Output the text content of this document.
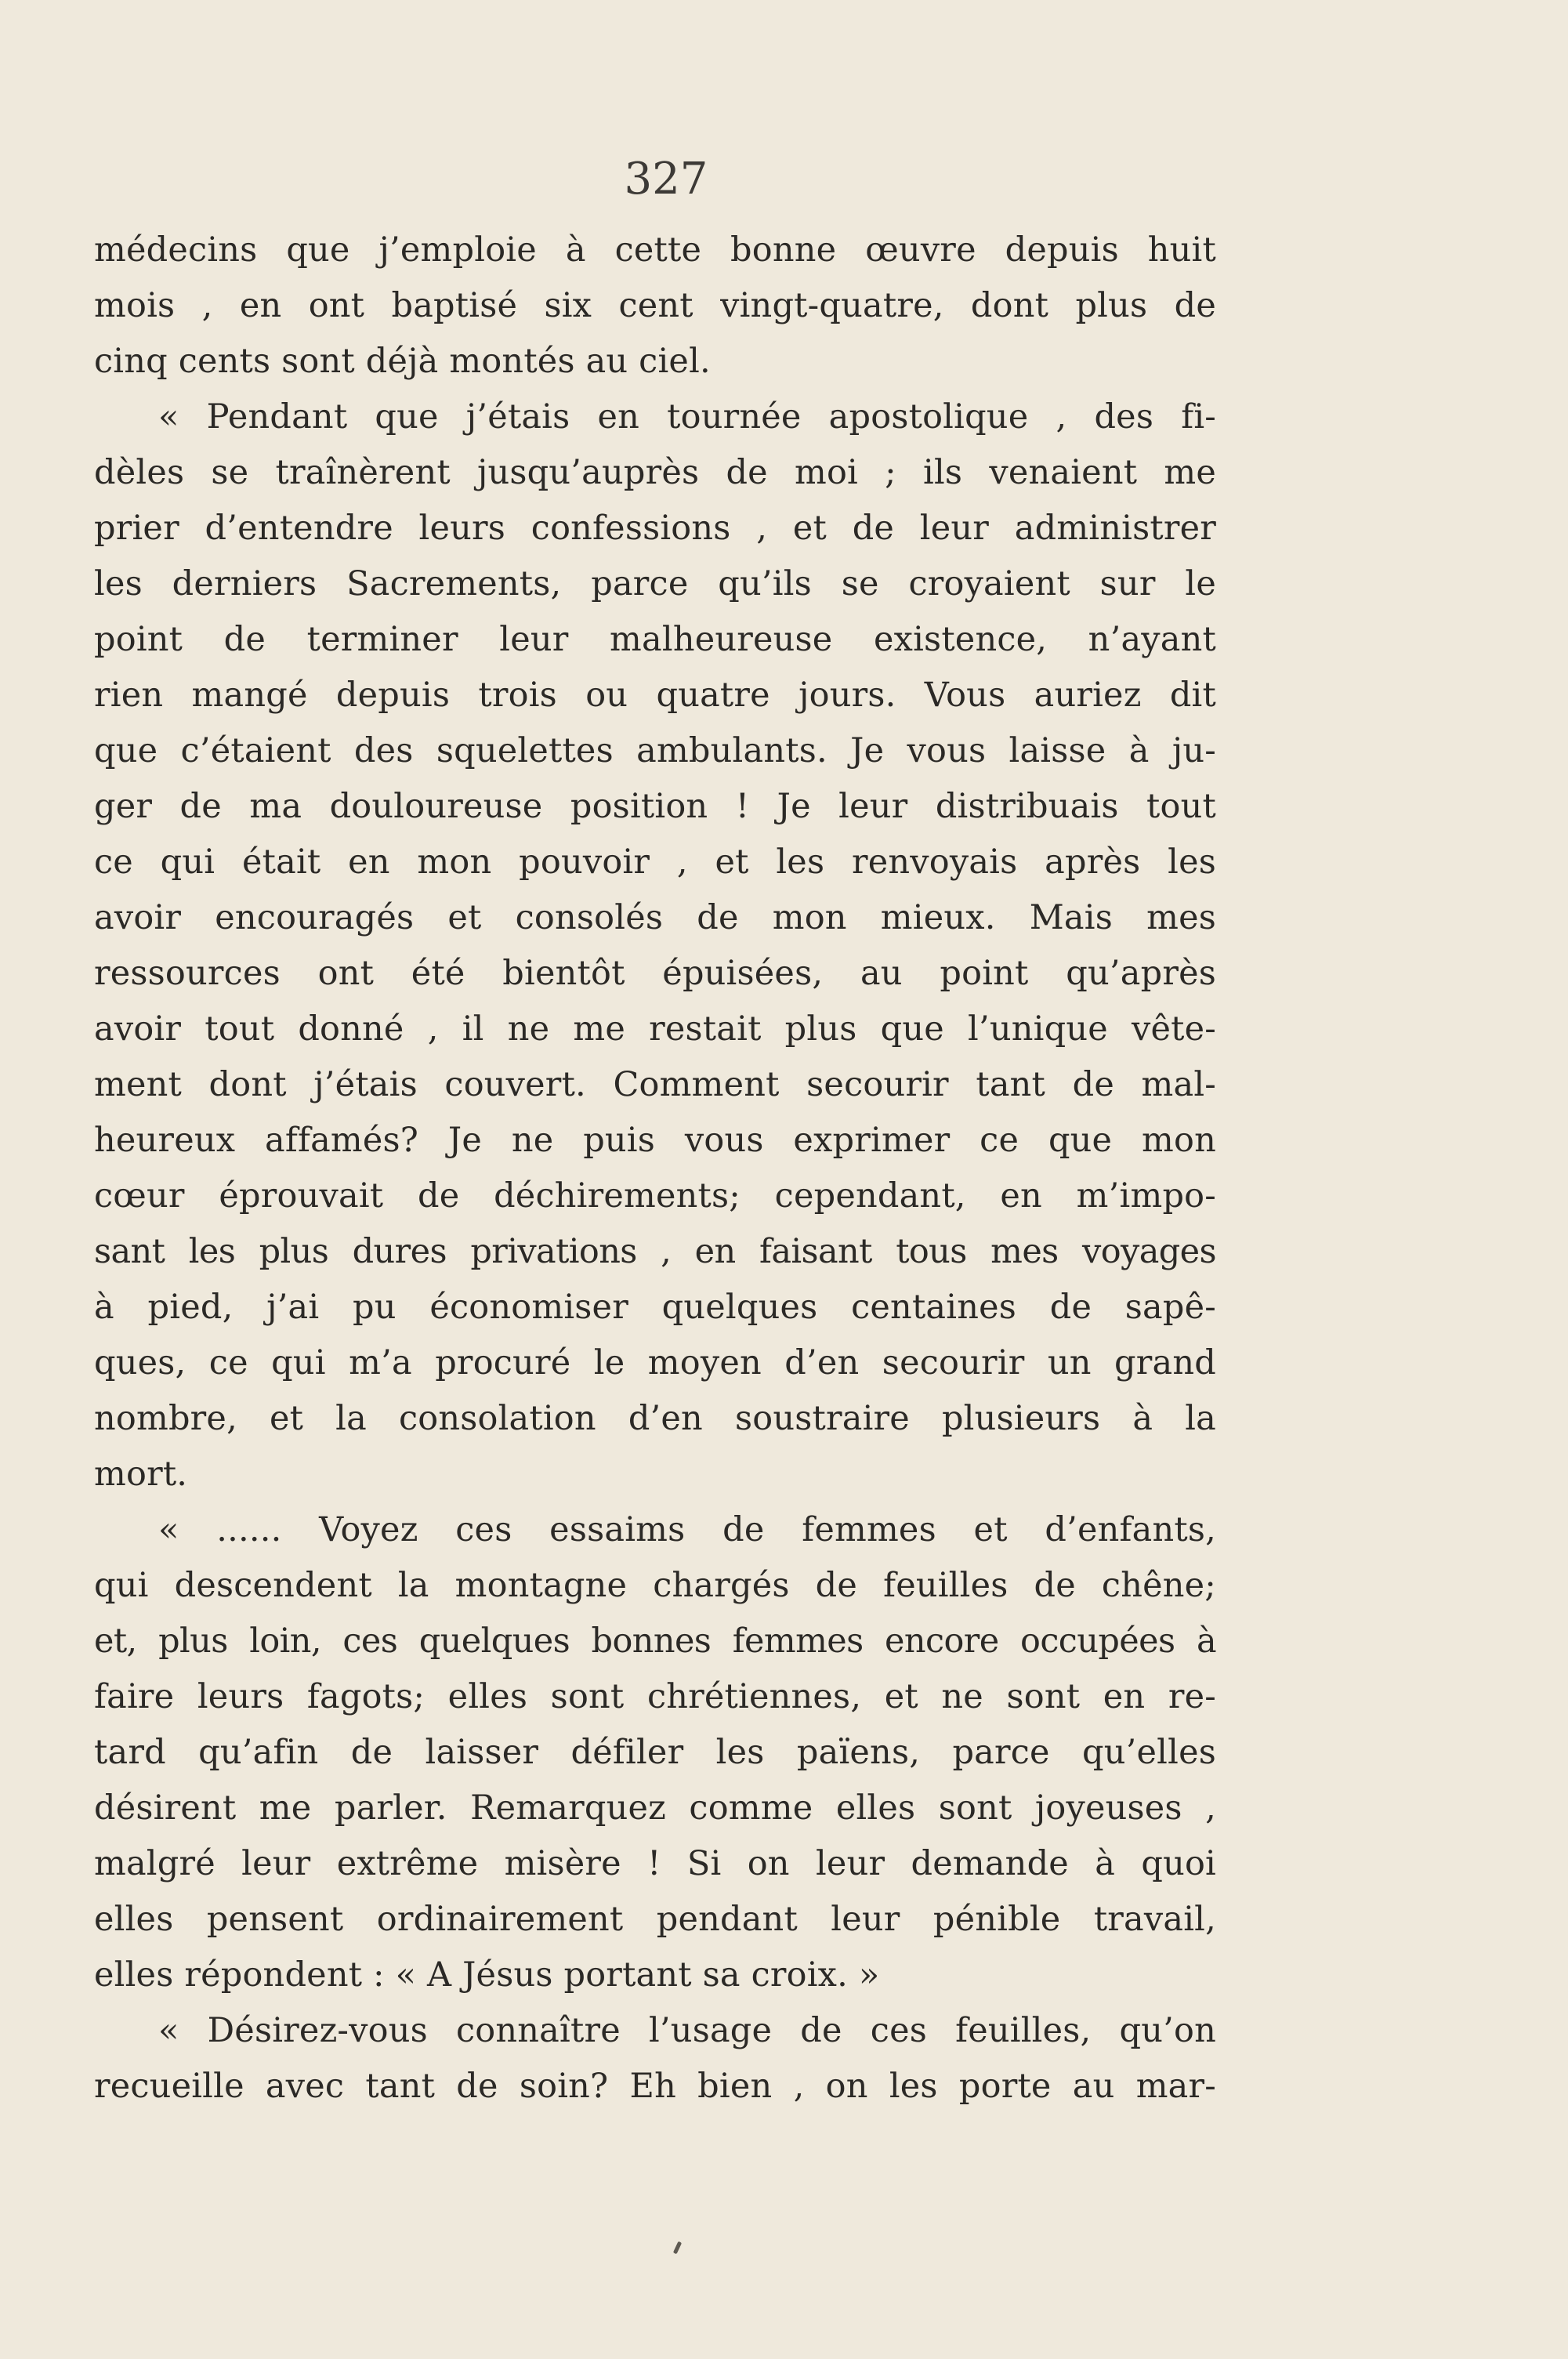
327
médecins que j’emploie à cette bonne œuvre depuis huit
mois , en ont baptisé six cent vingt-quatre, dont plus de
cinq cents sont déjà montés au ciel.
« Pendant que j’étais en tournée apostolique , des fi-
dèles se traînèrent jusqu’auprès de moi ; ils venaient me
prier d’entendre leurs confessions , et de leur administrer
les derniers Sacrements, parce qu’ils se croyaient sur le
point de terminer leur malheureuse existence, n’ayant
rien mangé depuis trois ou quatre jours. Vous auriez dit
que c’étaient des squelettes ambulants. Je vous laisse à ju-
ger de ma douloureuse position ! Je leur distribuais tout
ce qui était en mon pouvoir , et les renvoyais après les
avoir encouragés et consolés de mon mieux. Mais mes
ressources ont été bientôt épuisées, au point qu’après
avoir tout donné , il ne me restait plus que l’unique vête-
ment dont j’étais couvert. Comment secourir tant de mal-
heureux affamés? Je ne puis vous exprimer ce que mon
cœur éprouvait de déchirements; cependant, en m’impo-
sant les plus dures privations , en faisant tous mes voyages
à pied, j’ai pu économiser quelques centaines de sapê-
ques, ce qui m’a procuré le moyen d’en secourir un grand
nombre, et la consolation d’en soustraire plusieurs à la
mort.
« ...... Voyez ces essaims de femmes et d’enfants,
qui descendent la montagne chargés de feuilles de chêne;
et, plus loin, ces quelques bonnes femmes encore occupées à
faire leurs fagots; elles sont chrétiennes, et ne sont en re-
tard qu’afin de laisser défiler les païens, parce qu’elles
désirent me parler. Remarquez comme elles sont joyeuses ,
malgré leur extrême misère ! Si on leur demande à quoi
elles pensent ordinairement pendant leur pénible travail,
elles répondent : « A Jésus portant sa croix. »
« Désirez-vous connaître l’usage de ces feuilles, qu’on
recueille avec tant de soin? Eh bien , on les porte au mar-
